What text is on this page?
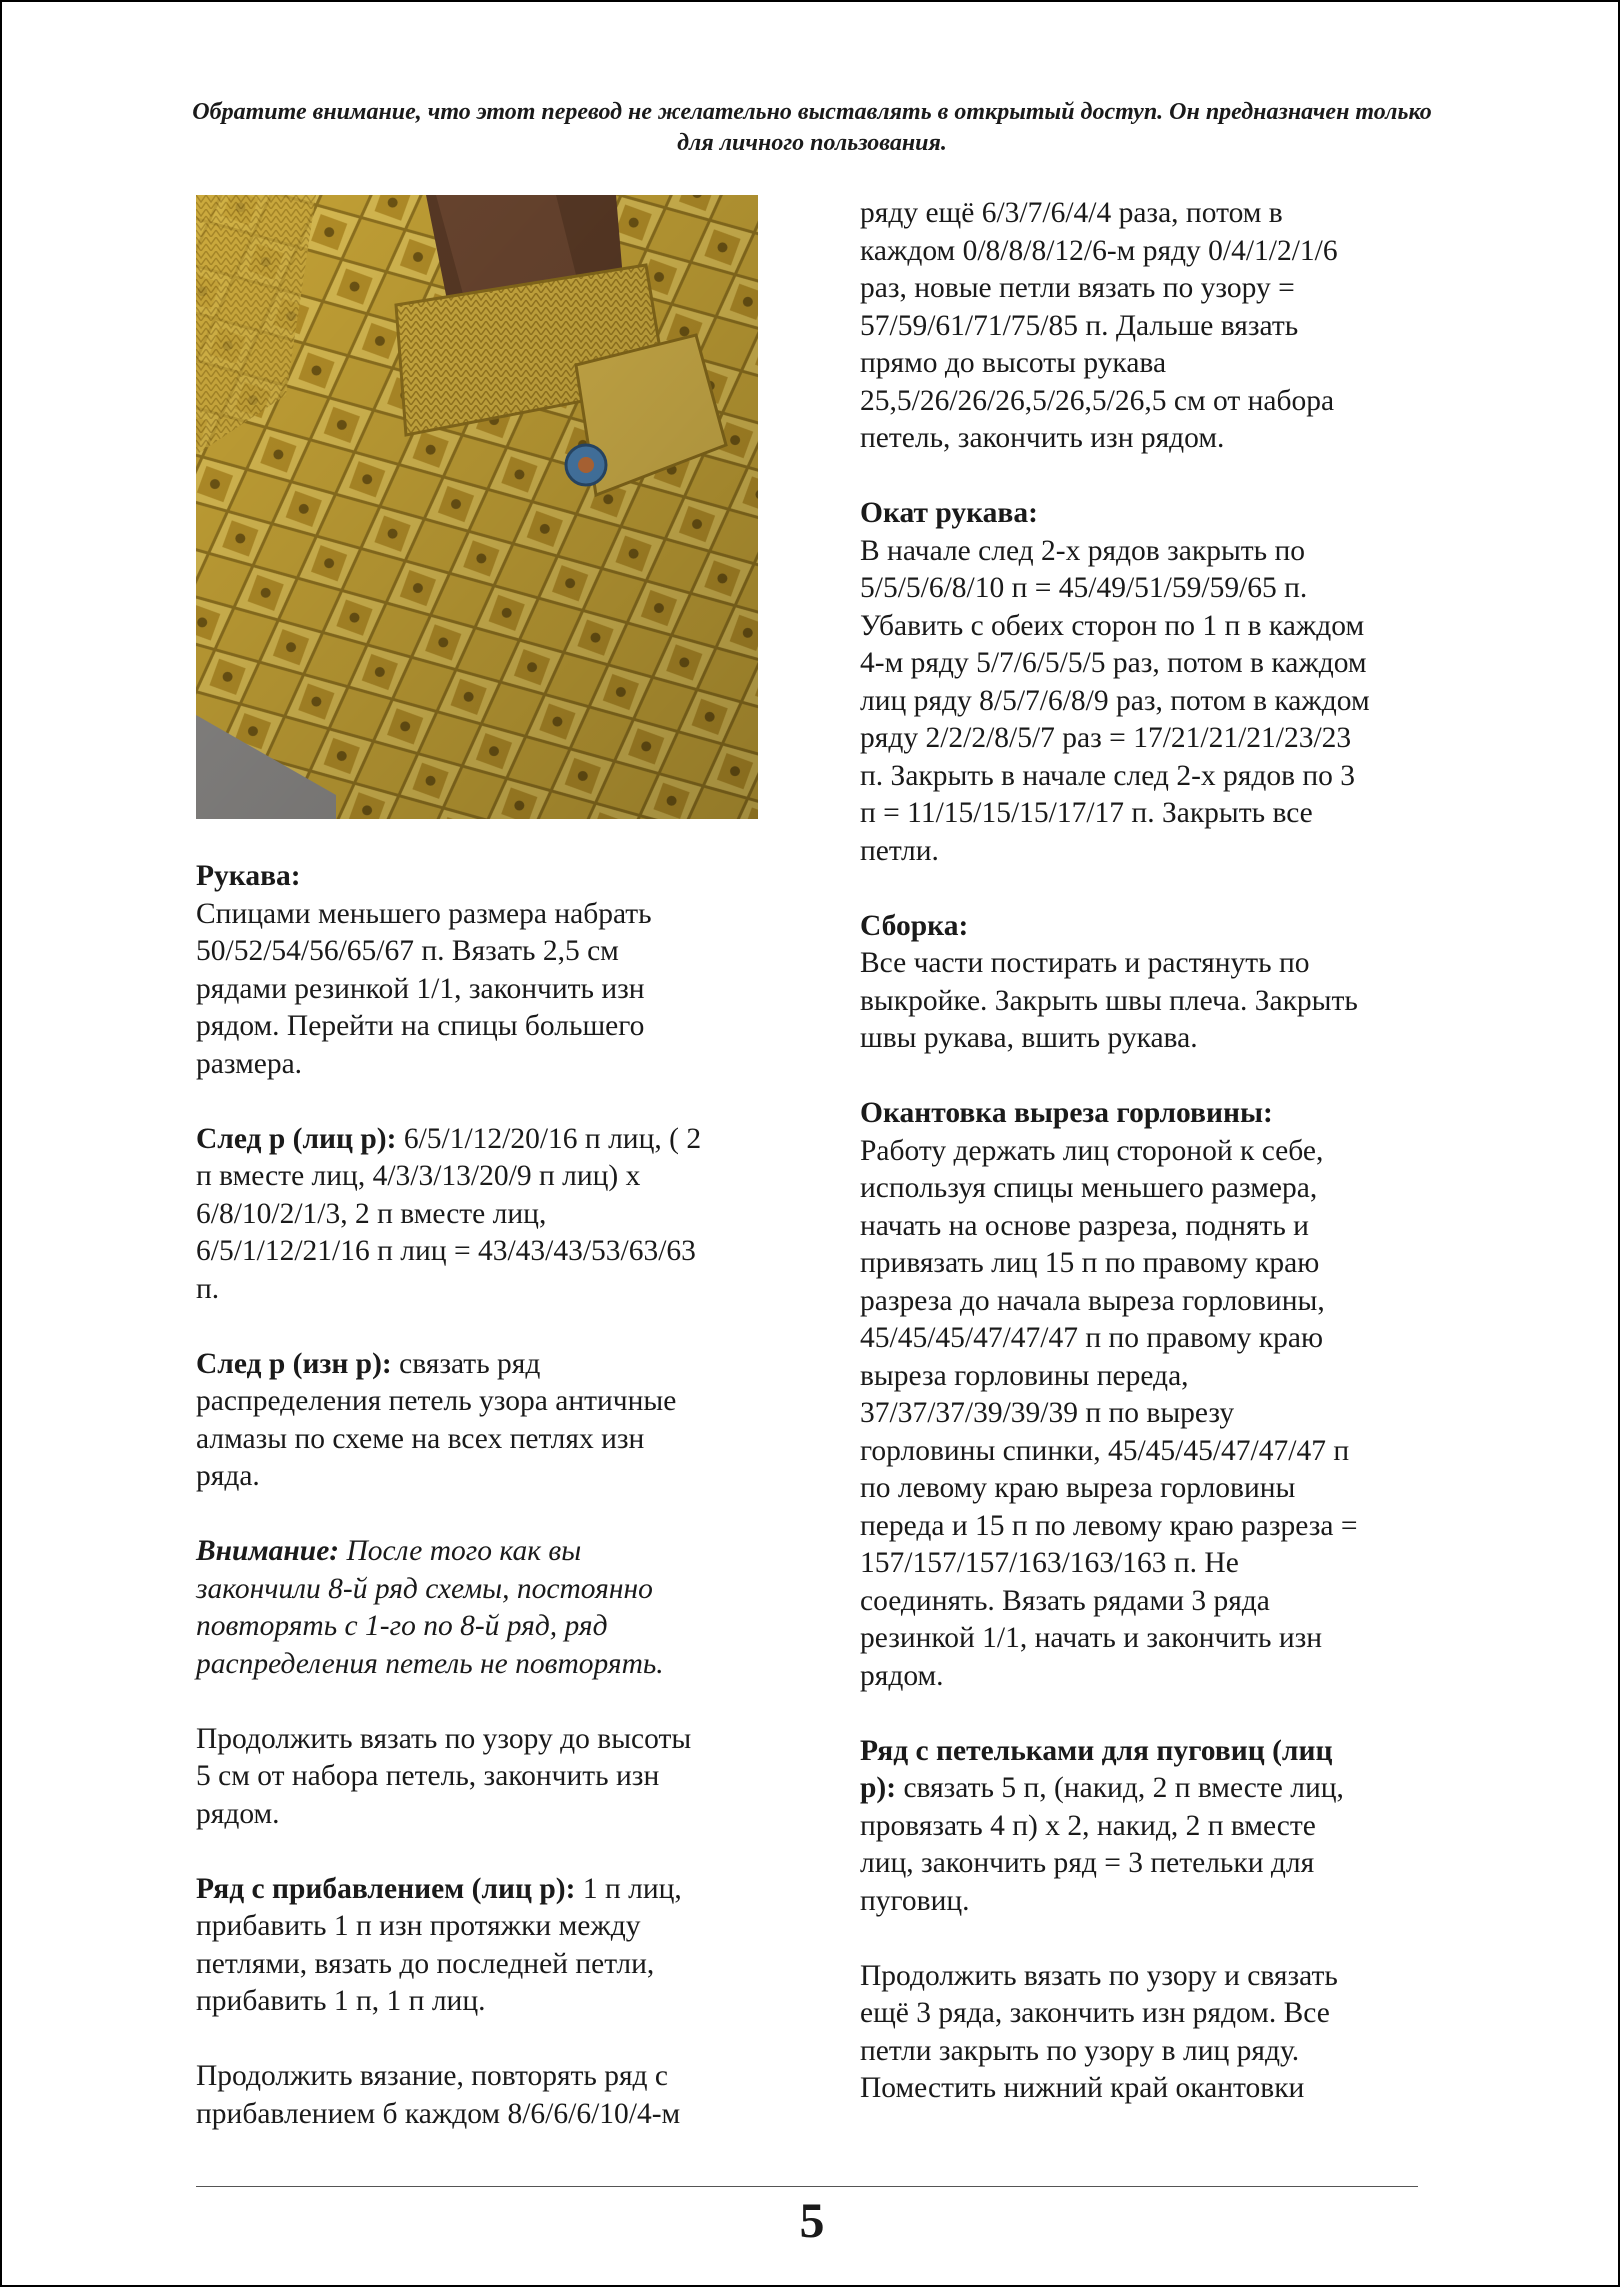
Обратите внимание, что этот перевод не желательно выставлять в открытый доступ. Он предназначен только для личного пользования.

Рукава:
Спицами меньшего размера набрать
50/52/54/56/65/67 п. Вязать 2,5 см
рядами резинкой 1/1, закончить изн
рядом. Перейти на спицы большего
размера.

След р (лиц р): 6/5/1/12/20/16 п лиц, ( 2
п вместе лиц, 4/3/3/13/20/9 п лиц) х
6/8/10/2/1/3, 2 п вместе лиц,
6/5/1/12/21/16 п лиц = 43/43/43/53/63/63
п.

След р (изн р): связать ряд
распределения петель узора античные
алмазы по схеме на всех петлях изн
ряда.

Внимание: После того как вы
закончили 8-й ряд схемы, постоянно
повторять с 1-го по 8-й ряд, ряд
распределения петель не повторять.

Продолжить вязать по узору до высоты
5 см от набора петель, закончить изн
рядом.

Ряд с прибавлением (лиц р): 1 п лиц,
прибавить 1 п изн протяжки между
петлями, вязать до последней петли,
прибавить 1 п, 1 п лиц.

Продолжить вязание, повторять ряд с
прибавлением б каждом 8/6/6/6/10/4-м

ряду ещё 6/3/7/6/4/4 раза, потом в
каждом 0/8/8/8/12/6-м ряду 0/4/1/2/1/6
раз, новые петли вязать по узору =
57/59/61/71/75/85 п. Дальше вязать
прямо до высоты рукава
25,5/26/26/26,5/26,5/26,5 см от набора
петель, закончить изн рядом.

Окат рукава:
В начале след 2-х рядов закрыть по
5/5/5/6/8/10 п = 45/49/51/59/59/65 п.
Убавить с обеих сторон по 1 п в каждом
4-м ряду 5/7/6/5/5/5 раз, потом в каждом
лиц ряду 8/5/7/6/8/9 раз, потом в каждом
ряду 2/2/2/8/5/7 раз = 17/21/21/21/23/23
п. Закрыть в начале след 2-х рядов по 3
п = 11/15/15/15/17/17 п. Закрыть все
петли.

Сборка:
Все части постирать и растянуть по
выкройке. Закрыть швы плеча. Закрыть
швы рукава, вшить рукава.

Окантовка выреза горловины:
Работу держать лиц стороной к себе,
используя спицы меньшего размера,
начать на основе разреза, поднять и
привязать лиц 15 п по правому краю
разреза до начала выреза горловины,
45/45/45/47/47/47 п по правому краю
выреза горловины переда,
37/37/37/39/39/39 п по вырезу
горловины спинки, 45/45/45/47/47/47 п
по левому краю выреза горловины
переда и 15 п по левому краю разреза =
157/157/157/163/163/163 п. Не
соединять. Вязать рядами 3 ряда
резинкой 1/1, начать и закончить изн
рядом.

Ряд с петельками для пуговиц (лиц
р): связать 5 п, (накид, 2 п вместе лиц,
провязать 4 п) х 2, накид, 2 п вместе
лиц, закончить ряд = 3 петельки для
пуговиц.

Продолжить вязать по узору и связать
ещё 3 ряда, закончить изн рядом. Все
петли закрыть по узору в лиц ряду.
Поместить нижний край окантовки

5
